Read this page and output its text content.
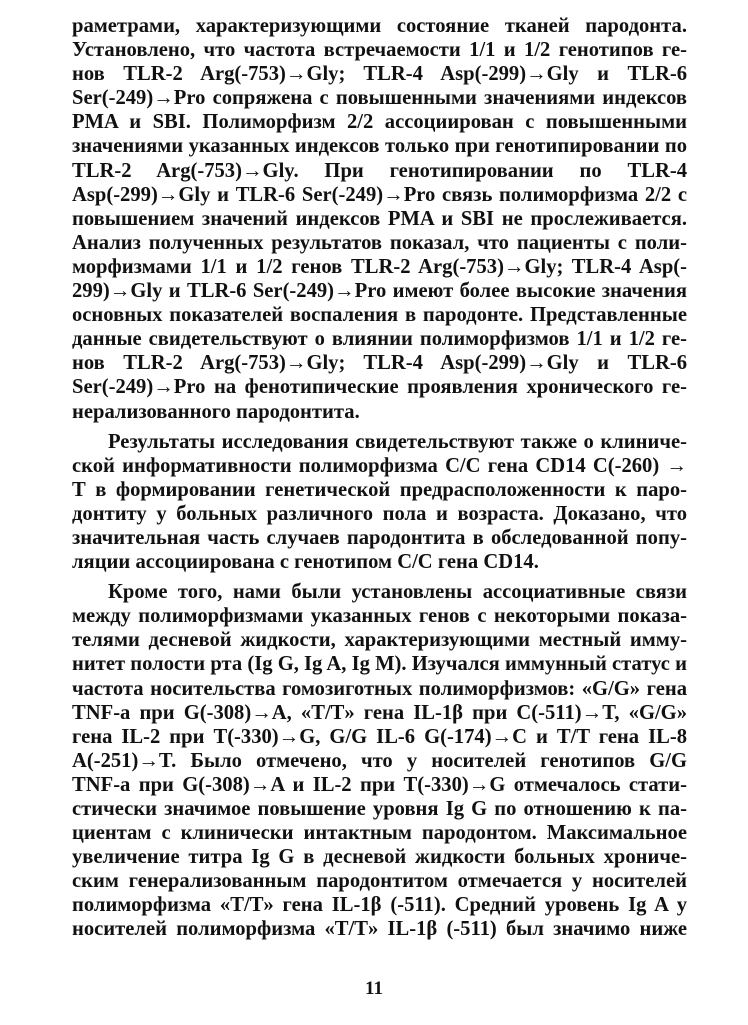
раметрами, характеризующими состояние тканей пародонта.
Установлено, что частота встречаемости 1/1 и 1/2 генотипов ге-
нов TLR-2 Arg(-753)→Gly; TLR-4 Asp(-299)→Gly и TLR-6
Ser(-249)→Pro сопряжена с повышенными значениями индексов
PMA и SBI. Полиморфизм 2/2 ассоциирован с повышенными
значениями указанных индексов только при генотипировании по
TLR-2 Arg(-753)→Gly. При генотипировании по TLR-4
Asp(-299)→Gly и TLR-6 Ser(-249)→Pro связь полиморфизма 2/2 с
повышением значений индексов PMA и SBI не прослеживается.
Анализ полученных результатов показал, что пациенты с поли-
морфизмами 1/1 и 1/2 генов TLR-2 Arg(-753)→Gly; TLR-4 Asp(-
299)→Gly и TLR-6 Ser(-249)→Pro имеют более высокие значения
основных показателей воспаления в пародонте. Представленные
данные свидетельствуют о влиянии полиморфизмов 1/1 и 1/2 ге-
нов TLR-2 Arg(-753)→Gly; TLR-4 Asp(-299)→Gly и TLR-6
Ser(-249)→Pro на фенотипические проявления хронического ге-
нерализованного пародонтита.
Результаты исследования свидетельствуют также о клиниче-
ской информативности полиморфизма С/С гена CD14 С(-260) →
Т в формировании генетической предрасположенности к паро-
донтиту у больных различного пола и возраста. Доказано, что
значительная часть случаев пародонтита в обследованной попу-
ляции ассоциирована с генотипом С/С гена CD14.
Кроме того, нами были установлены ассоциативные связи
между полиморфизмами указанных генов с некоторыми показа-
телями десневой жидкости, характеризующими местный имму-
нитет полости рта (Ig G, Ig A, Ig M). Изучался иммунный статус и
частота носительства гомозиготных полиморфизмов: «G/G» гена
TNF-a при G(-308)→A, «T/T» гена IL-1β при С(-511)→T, «G/G»
гена IL-2 при T(-330)→G, G/G IL-6 G(-174)→C и T/T гена IL-8
A(-251)→T. Было отмечено, что у носителей генотипов G/G
TNF-a при G(-308)→A и IL-2 при T(-330)→G отмечалось стати-
стически значимое повышение уровня Ig G по отношению к па-
циентам с клинически интактным пародонтом. Максимальное
увеличение титра Ig G в десневой жидкости больных хрониче-
ским генерализованным пародонтитом отмечается у носителей
полиморфизма «T/T» гена IL-1β (-511). Средний уровень Ig A у
носителей полиморфизма «T/T» IL-1β (-511) был значимо ниже
11
